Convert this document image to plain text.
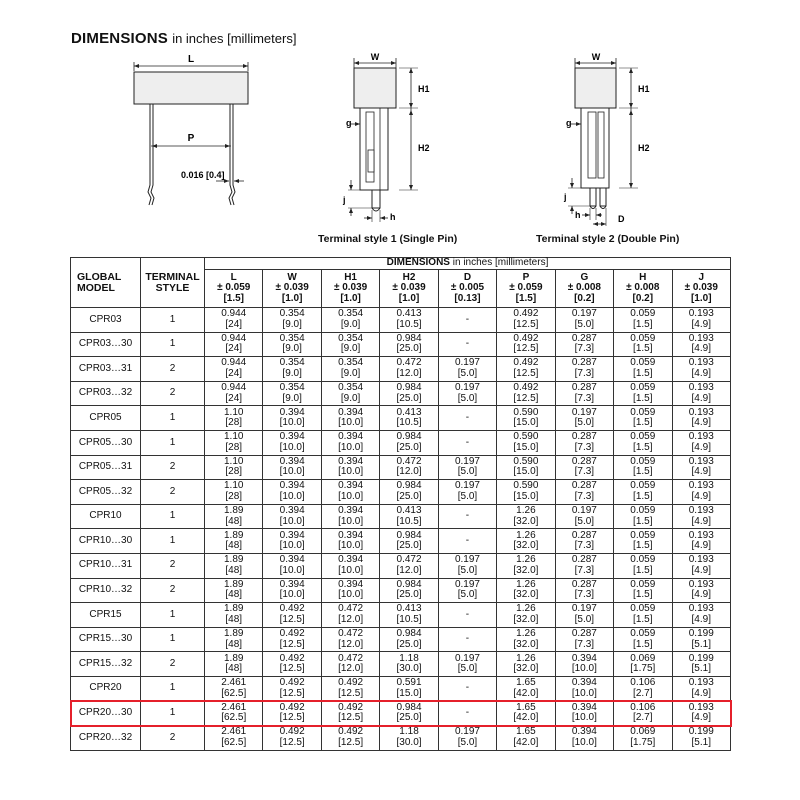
DIMENSIONS in inches [millimeters]
L
P
0.016 [0.4]
W
H1
H2
g
j
h
W
H1
H2
g
j
h	D
Terminal style 1 (Single Pin)	Terminal style 2 (Double Pin)
GLOBAL
MODEL	TERMINAL
STYLE	DIMENSIONS in inches [millimeters]								

		L
± 0.059
[1.5]	W
± 0.039
[1.0]	H1
± 0.039
[1.0]	H2
± 0.039
[1.0]	D
± 0.005
[0.13]	P
± 0.059
[1.5]	G
± 0.008
[0.2]	H
± 0.008
[0.2]	J
± 0.039
[1.0]

CPR03	1	0.944
[24]	0.354
[9.0]	0.354
[9.0]	0.413
[10.5]	-	0.492
[12.5]	0.197
[5.0]	0.059
[1.5]	0.193
[4.9]

CPR03…30	1	0.944
[24]	0.354
[9.0]	0.354
[9.0]	0.984
[25.0]	-	0.492
[12.5]	0.287
[7.3]	0.059
[1.5]	0.193
[4.9]

CPR03…31	2	0.944
[24]	0.354
[9.0]	0.354
[9.0]	0.472
[12.0]	0.197
[5.0]	0.492
[12.5]	0.287
[7.3]	0.059
[1.5]	0.193
[4.9]

CPR03…32	2	0.944
[24]	0.354
[9.0]	0.354
[9.0]	0.984
[25.0]	0.197
[5.0]	0.492
[12.5]	0.287
[7.3]	0.059
[1.5]	0.193
[4.9]

CPR05	1	1.10
[28]	0.394
[10.0]	0.394
[10.0]	0.413
[10.5]	-	0.590
[15.0]	0.197
[5.0]	0.059
[1.5]	0.193
[4.9]

CPR05…30	1	1.10
[28]	0.394
[10.0]	0.394
[10.0]	0.984
[25.0]	-	0.590
[15.0]	0.287
[7.3]	0.059
[1.5]	0.193
[4.9]

CPR05…31	2	1.10
[28]	0.394
[10.0]	0.394
[10.0]	0.472
[12.0]	0.197
[5.0]	0.590
[15.0]	0.287
[7.3]	0.059
[1.5]	0.193
[4.9]

CPR05…32	2	1.10
[28]	0.394
[10.0]	0.394
[10.0]	0.984
[25.0]	0.197
[5.0]	0.590
[15.0]	0.287
[7.3]	0.059
[1.5]	0.193
[4.9]

CPR10	1	1.89
[48]	0.394
[10.0]	0.394
[10.0]	0.413
[10.5]	-	1.26
[32.0]	0.197
[5.0]	0.059
[1.5]	0.193
[4.9]

CPR10…30	1	1.89
[48]	0.394
[10.0]	0.394
[10.0]	0.984
[25.0]	-	1.26
[32.0]	0.287
[7.3]	0.059
[1.5]	0.193
[4.9]

CPR10…31	2	1.89
[48]	0.394
[10.0]	0.394
[10.0]	0.472
[12.0]	0.197
[5.0]	1.26
[32.0]	0.287
[7.3]	0.059
[1.5]	0.193
[4.9]

CPR10…32	2	1.89
[48]	0.394
[10.0]	0.394
[10.0]	0.984
[25.0]	0.197
[5.0]	1.26
[32.0]	0.287
[7.3]	0.059
[1.5]	0.193
[4.9]

CPR15	1	1.89
[48]	0.492
[12.5]	0.472
[12.0]	0.413
[10.5]	-	1.26
[32.0]	0.197
[5.0]	0.059
[1.5]	0.193
[4.9]

CPR15…30	1	1.89
[48]	0.492
[12.5]	0.472
[12.0]	0.984
[25.0]	-	1.26
[32.0]	0.287
[7.3]	0.059
[1.5]	0.199
[5.1]

CPR15…32	2	1.89
[48]	0.492
[12.5]	0.472
[12.0]	1.18
[30.0]	0.197
[5.0]	1.26
[32.0]	0.394
[10.0]	0.069
[1.75]	0.199
[5.1]

CPR20	1	2.461
[62.5]	0.492
[12.5]	0.492
[12.5]	0.591
[15.0]	-	1.65
[42.0]	0.394
[10.0]	0.106
[2.7]	0.193
[4.9]

CPR20…30	1	2.461
[62.5]	0.492
[12.5]	0.492
[12.5]	0.984
[25.0]	-	1.65
[42.0]	0.394
[10.0]	0.106
[2.7]	0.193
[4.9]

CPR20…32	2	2.461
[62.5]	0.492
[12.5]	0.492
[12.5]	1.18
[30.0]	0.197
[5.0]	1.65
[42.0]	0.394
[10.0]	0.069
[1.75]	0.199
[5.1]
